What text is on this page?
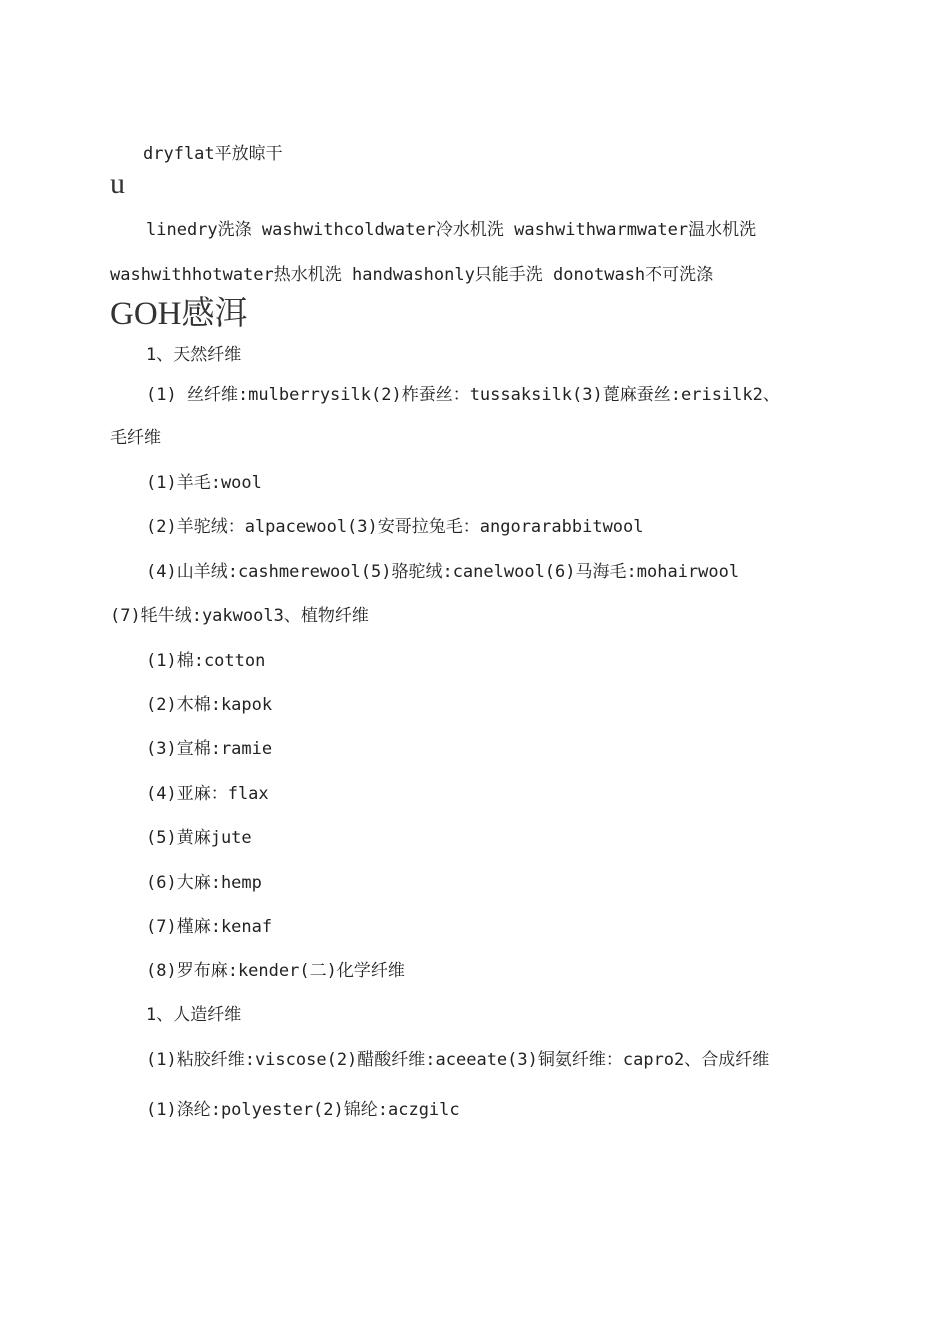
dryflat平放晾干
u
linedry洗涤 washwithcoldwater冷水机洗 washwithwarmwater温水机洗
washwithhotwater热水机洗 handwashonly只能手洗 donotwash不可洗涤
GOH感洱
1、天然纤维
(1) 丝纤维:mulberrysilk(2)柞蚕丝：tussaksilk(3)蓖麻蚕丝:erisilk2、
毛纤维
(1)羊毛:wool
(2)羊驼绒：alpacewool(3)安哥拉兔毛：angorarabbitwool
(4)山羊绒:cashmerewool(5)骆驼绒:canelwool(6)马海毛:mohairwool
(7)牦牛绒:yakwool3、植物纤维
(1)棉:cotton
(2)木棉:kapok
(3)宣棉:ramie
(4)亚麻：flax
(5)黄麻jute
(6)大麻:hemp
(7)槿麻:kenaf
(8)罗布麻:kender(二)化学纤维
1、人造纤维
(1)粘胶纤维:viscose(2)醋酸纤维:aceeate(3)铜氨纤维：capro2、合成纤维
(1)涤纶:polyester(2)锦纶:aczgilc
